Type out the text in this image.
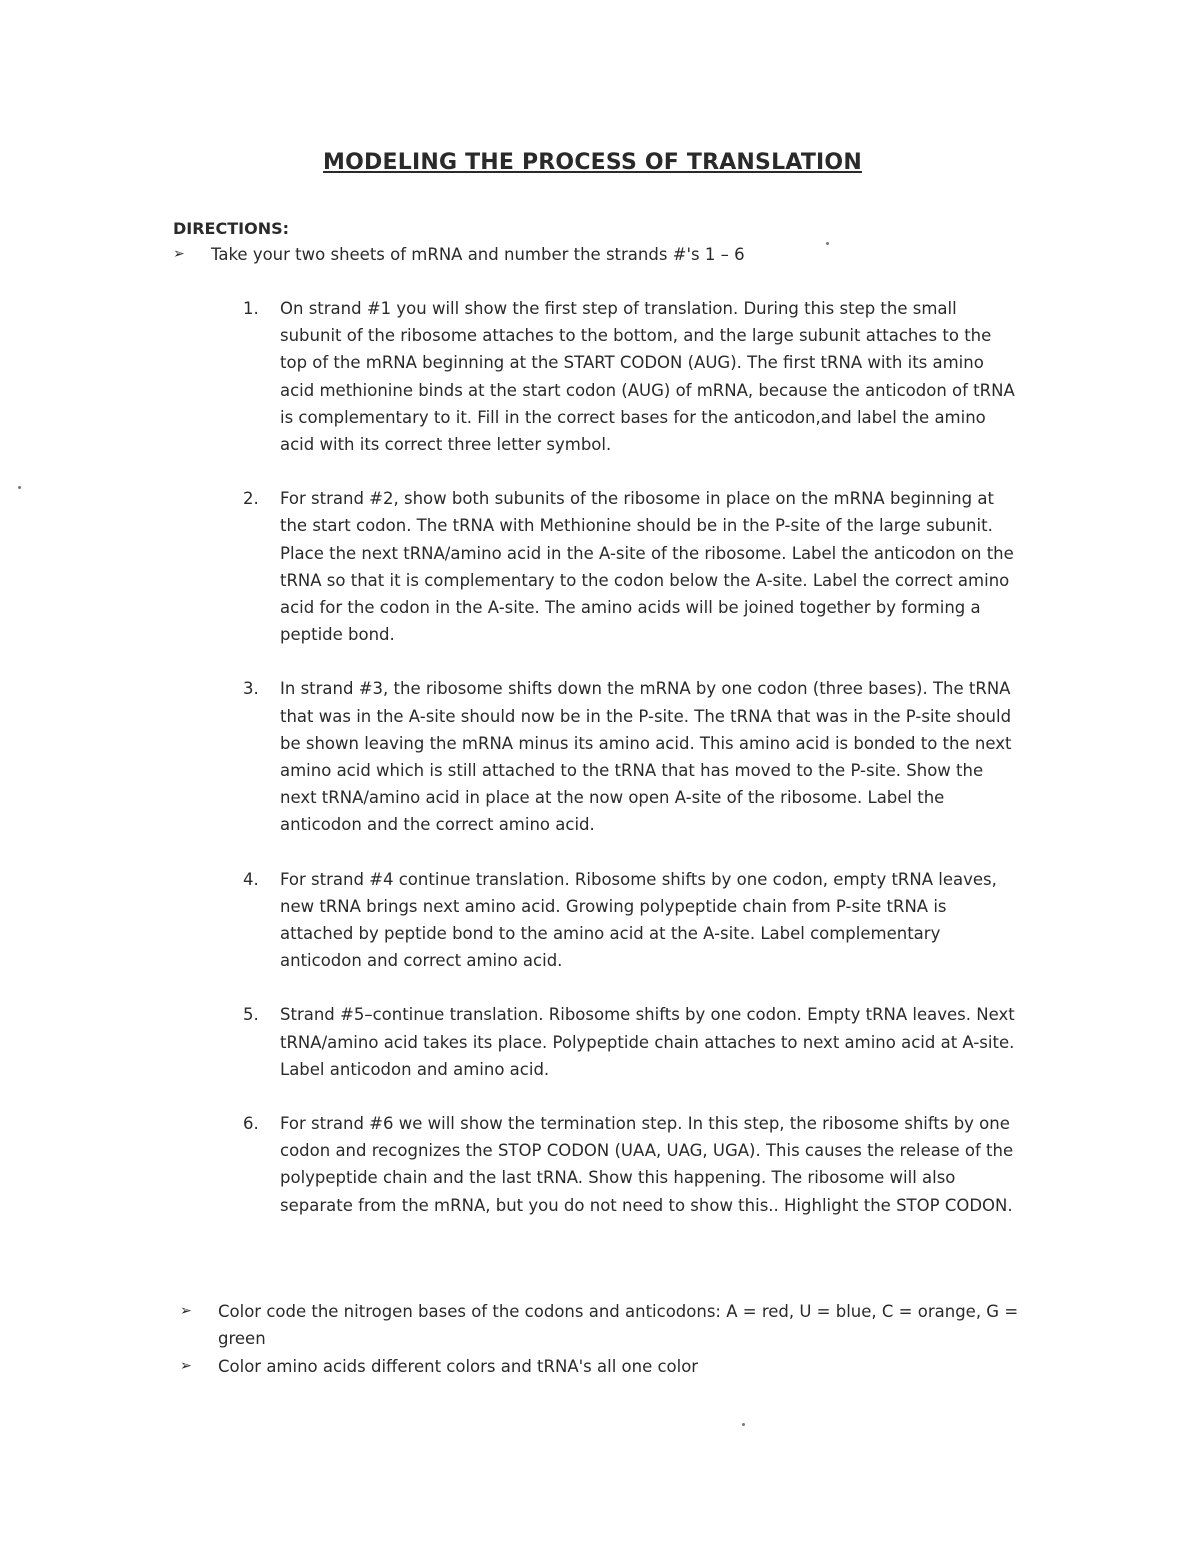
MODELING THE PROCESS OF TRANSLATION
DIRECTIONS:
➢ Take your two sheets of mRNA and number the strands #'s 1 – 6
1. On strand #1 you will show the first step of translation. During this step the small subunit of the ribosome attaches to the bottom, and the large subunit attaches to the top of the mRNA beginning at the START CODON (AUG). The first tRNA with its amino acid methionine binds at the start codon (AUG) of mRNA, because the anticodon of tRNA is complementary to it. Fill in the correct bases for the anticodon,and label the amino acid with its correct three letter symbol.
2. For strand #2, show both subunits of the ribosome in place on the mRNA beginning at the start codon. The tRNA with Methionine should be in the P-site of the large subunit. Place the next tRNA/amino acid in the A-site of the ribosome. Label the anticodon on the tRNA so that it is complementary to the codon below the A-site. Label the correct amino acid for the codon in the A-site. The amino acids will be joined together by forming a peptide bond.
3. In strand #3, the ribosome shifts down the mRNA by one codon (three bases). The tRNA that was in the A-site should now be in the P-site. The tRNA that was in the P-site should be shown leaving the mRNA minus its amino acid. This amino acid is bonded to the next amino acid which is still attached to the tRNA that has moved to the P-site. Show the next tRNA/amino acid in place at the now open A-site of the ribosome. Label the anticodon and the correct amino acid.
4. For strand #4 continue translation. Ribosome shifts by one codon, empty tRNA leaves, new tRNA brings next amino acid. Growing polypeptide chain from P-site tRNA is attached by peptide bond to the amino acid at the A-site. Label complementary anticodon and correct amino acid.
5. Strand #5–continue translation. Ribosome shifts by one codon. Empty tRNA leaves. Next tRNA/amino acid takes its place. Polypeptide chain attaches to next amino acid at A-site. Label anticodon and amino acid.
6. For strand #6 we will show the termination step. In this step, the ribosome shifts by one codon and recognizes the STOP CODON (UAA, UAG, UGA). This causes the release of the polypeptide chain and the last tRNA. Show this happening. The ribosome will also separate from the mRNA, but you do not need to show this.. Highlight the STOP CODON.
➢ Color code the nitrogen bases of the codons and anticodons: A = red, U = blue, C = orange, G = green
➢ Color amino acids different colors and tRNA's all one color
